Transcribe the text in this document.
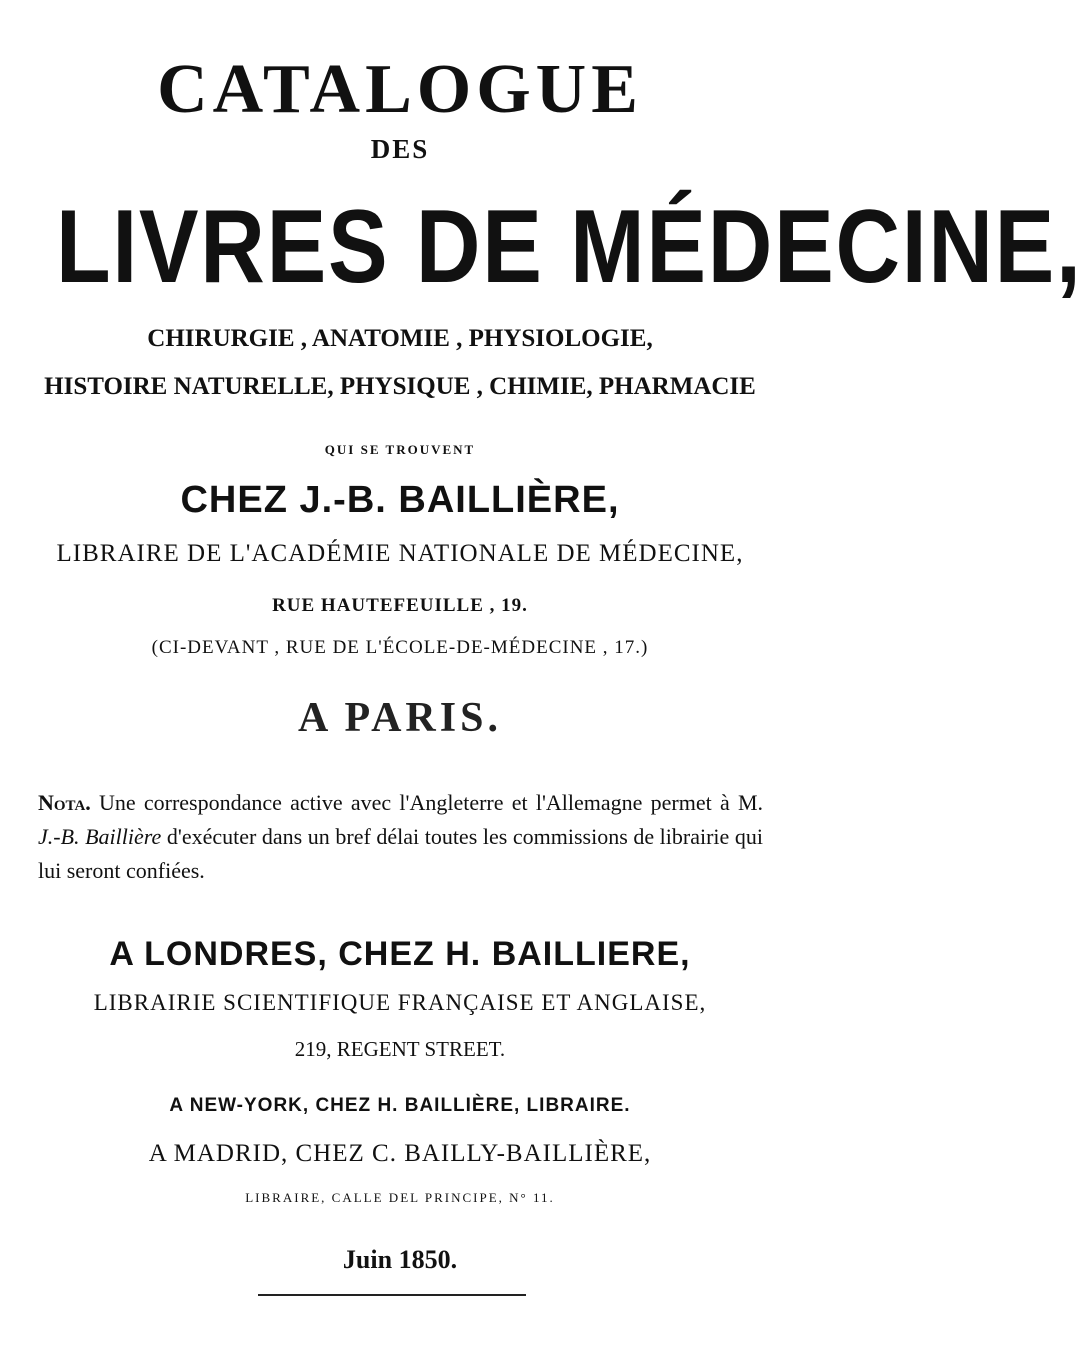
CATALOGUE
DES
LIVRES DE MÉDECINE,
CHIRURGIE , ANATOMIE , PHYSIOLOGIE,
HISTOIRE NATURELLE, PHYSIQUE , CHIMIE, PHARMACIE
QUI SE TROUVENT
CHEZ J.-B. BAILLIÈRE,
LIBRAIRE DE L'ACADÉMIE NATIONALE DE MÉDECINE,
RUE HAUTEFEUILLE , 19.
(CI-DEVANT , RUE DE L'ÉCOLE-DE-MÉDECINE , 17.)
A PARIS.
Nota. Une correspondance active avec l'Angleterre et l'Allemagne permet à M. J.-B. Baillière d'exécuter dans un bref délai toutes les commissions de librairie qui lui seront confiées.
A LONDRES, CHEZ H. BAILLIERE,
LIBRAIRIE SCIENTIFIQUE FRANÇAISE ET ANGLAISE,
219, REGENT STREET.
A NEW-YORK, CHEZ H. BAILLIÈRE, LIBRAIRE.
A MADRID, CHEZ C. BAILLY-BAILLIÈRE,
LIBRAIRE, CALLE DEL PRINCIPE, N° 11.
Juin 1850.
